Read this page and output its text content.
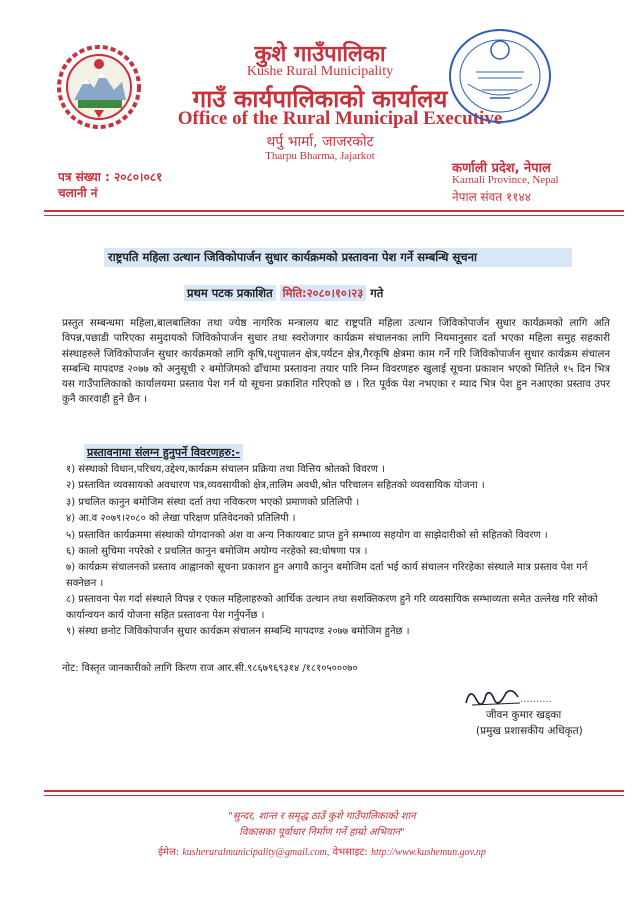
कुशे गाउँपालिका
Kushe Rural Municipality
गाउँ कार्यपालिकाको कार्यालय
Office of the Rural Municipal Executive
थर्पु भार्मा, जाजरकोट
Tharpu Bharma, Jajarkot
पत्र संख्या : २०८०।०८१
चलानी नं
कर्णाली प्रदेश, नेपाल
Karnali Province, Nepal
नेपाल संवत ११४४
राष्ट्रपति महिला उत्थान जिविकोपार्जन सुधार कार्यक्रमको प्रस्तावना पेश गर्ने सम्बन्धि सूचना
प्रथम पटक प्रकाशित मिति:२०८०।१०।२३ गते
प्रस्तुत सम्बन्धमा महिला,बालबालिका तथा ज्येष्ठ नागरिक मन्त्रालय बाट राष्ट्रपति महिला उत्थान जिविकोपार्जन सुधार कार्यक्रमको लागि अति विपन्न,पछाडी पारिएका समुदायको जिविकोपार्जन सुधार तथा स्वरोजगार कार्यक्रम संचालनका लागि नियमानुसार दर्ता भएका महिला समुह सहकारी संस्थाहरुले जिविकोपार्जन सुधार कार्यक्रमको लागि कृषि,पशुपालन क्षेत्र,पर्यटन क्षेत्र,गैरकृषि क्षेत्रमा काम गर्ने गरि जिविकोपार्जन सुधार कार्यक्रम संचालन सम्बन्धि मापदण्ड २०७७ को अनुसूची २ बमोजिमको ढाँचामा प्रस्तावना तयार पारि निम्न विवरणहरु खुलाई सूचना प्रकाशन भएको मितिले १५ दिन भित्र यस गाउँपालिकाको कार्यालयमा प्रस्ताव पेश गर्न यो सूचना प्रकाशित गरिएको छ । रित पूर्वक पेश नभएका र म्याद भित्र पेश हुन नआएका प्रस्ताव उपर कुनै कारवाही हुने छैन ।
प्रस्तावनामा संलग्न हुनुपर्ने विवरणहरु:-
१) संस्थाको विधान,परिचय,उद्देश्य,कार्यक्रम संचालन प्रक्रिया तथा वित्तिय श्रोतको विवरण ।
२) प्रस्तावित व्यवसायको अवधारण पत्र,व्यवसायीको क्षेत्र,तालिम अवधी,श्रोत परिचालन सहितको व्यवसायिक योजना ।
३) प्रचलित कानुन बमोजिम संस्था दर्ता तथा नविकरण भएको प्रमाणको प्रतिलिपी ।
४) आ.व २०७९।२०८० को लेखा परिक्षण प्रतिवेदनको प्रतिलिपी ।
५) प्रस्तावित कार्यक्रममा संस्थाको योगदानको अंश वा अन्य निकायबाट प्राप्त हुने सम्भाव्य सहयोग वा साझेदारीको सो सहितको विवरण ।
६) कालो सुचिमा नपरेको र प्रचलित कानुन बमोजिम अयोग्य नरहेको स्व:घोषणा पत्र ।
७) कार्यक्रम संचालनको प्रस्ताव आह्वानको सूचना प्रकाशन हुन अगावै कानुन बमोजिम दर्ता भई कार्य संचालन गरिरहेका संस्थाले मात्र प्रस्ताव पेश गर्न सक्नेछन ।
८) प्रस्तावना पेश गर्दा संस्थाले विपन्न र एकल महिलाहरुको आर्थिक उत्थान तथा सशक्तिकरण हुने गरि व्यवसायिक सम्भाव्यता समेत उल्लेख गरि सोको कार्यान्वयन कार्य योजना सहित प्रस्तावना पेश गर्नुपर्नेछ ।
९) संस्था छनोट जिविकोपार्जन सुधार कार्यक्रम संचालन सम्बन्धि मापदण्ड २०७७ बमोजिम हुनेछ ।
नोट: विस्तृत जानकारीको लागि किरण राज आर.सी.९८६७९६९३१४ /१८१०५०००७०
..........
जीवन कुमार खड्का
(प्रमुख प्रशासकीय अधिकृत)
"सुन्दर, शान्त र समृद्ध ठाउँ कुशे गाउँपालिकाको शान
विकासका पूर्वाधार निर्माण गर्ने हाम्रो अभियान"
ईमेल: kusheruralmunicipality@gmail.com, वेभसाइट: http://www.kushemun.gov.np
